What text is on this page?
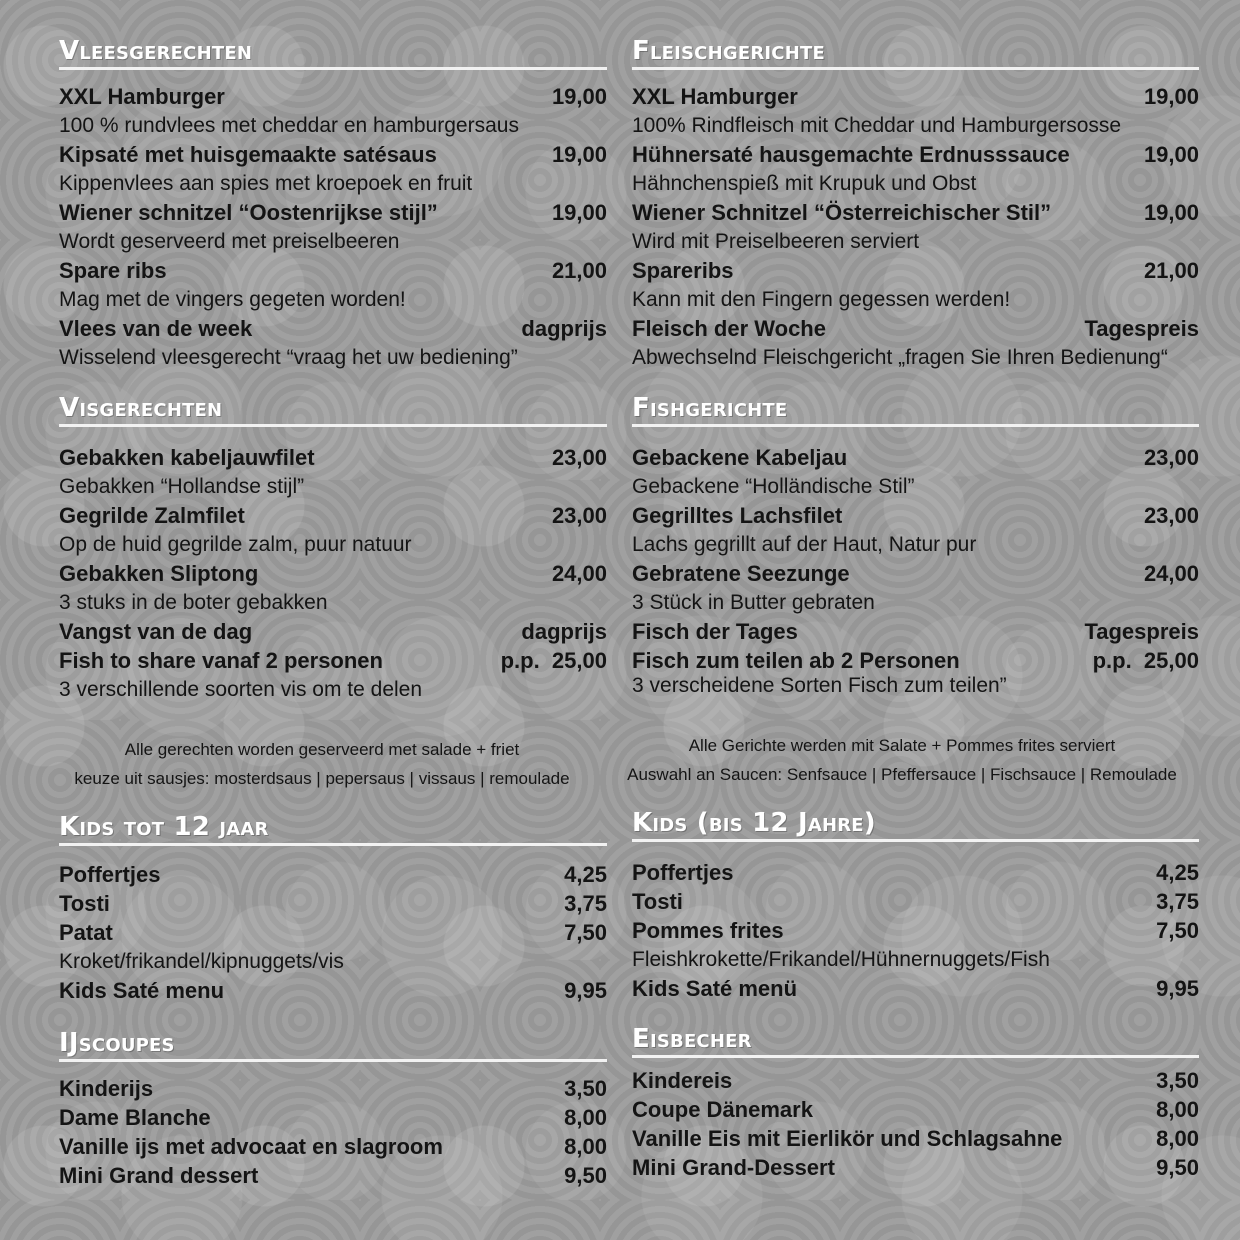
Vleesgerechten
XXL Hamburger	19,00
100 % rundvlees met cheddar en hamburgersaus
Kipsaté met huisgemaakte satésaus	19,00
Kippenvlees aan spies met kroepoek en fruit
Wiener schnitzel “Oostenrijkse stijl”	19,00
Wordt geserveerd met preiselbeeren
Spare ribs	21,00
Mag met de vingers gegeten worden!
Vlees van de week	dagprijs
Wisselend vleesgerecht “vraag het uw bediening”
Visgerechten
Gebakken kabeljauwfilet	23,00
Gebakken “Hollandse stijl”
Gegrilde Zalmfilet	23,00
Op de huid gegrilde zalm, puur natuur
Gebakken Sliptong	24,00
3 stuks in de boter gebakken
Vangst van de dag	dagprijs
Fish to share vanaf 2 personen	p.p.  25,00
3 verschillende soorten vis om te delen
Alle gerechten worden geserveerd met salade + friet
keuze uit sausjes: mosterdsaus | pepersaus | vissaus | remoulade
Kids tot 12 jaar
Poffertjes	4,25
Tosti	3,75
Patat	7,50
Kroket/frikandel/kipnuggets/vis
Kids Saté menu	9,95
IJscoupes
Kinderijs	3,50
Dame Blanche	8,00
Vanille ijs met advocaat en slagroom	8,00
Mini Grand dessert	9,50
Fleischgerichte
XXL Hamburger	19,00
100% Rindfleisch mit Cheddar und Hamburgersosse
Hühnersaté hausgemachte Erdnusssauce	19,00
Hähnchenspieß mit Krupuk und Obst
Wiener Schnitzel “Österreichischer Stil”	19,00
Wird mit Preiselbeeren serviert
Spareribs	21,00
Kann mit den Fingern gegessen werden!
Fleisch der Woche	Tagespreis
Abwechselnd Fleischgericht „fragen Sie Ihren Bedienung“
Fishgerichte
Gebackene Kabeljau	23,00
Gebackene “Holländische Stil”
Gegrilltes Lachsfilet	23,00
Lachs gegrillt auf der Haut, Natur pur
Gebratene Seezunge	24,00
3 Stück in Butter gebraten
Fisch der Tages	Tagespreis
Fisch zum teilen ab 2 Personen	p.p.  25,00
3 verscheidene Sorten Fisch zum teilen”
Alle Gerichte werden mit Salate + Pommes frites serviert
Auswahl an Saucen: Senfsauce | Pfeffersauce | Fischsauce | Remoulade
Kids (bis 12 Jahre)
Poffertjes	4,25
Tosti	3,75
Pommes frites	7,50
Fleishkrokette/Frikandel/Hühnernuggets/Fish
Kids Saté menü	9,95
Eisbecher
Kindereis	3,50
Coupe Dänemark	8,00
Vanille Eis mit Eierlikör und Schlagsahne	8,00
Mini Grand-Dessert	9,50
